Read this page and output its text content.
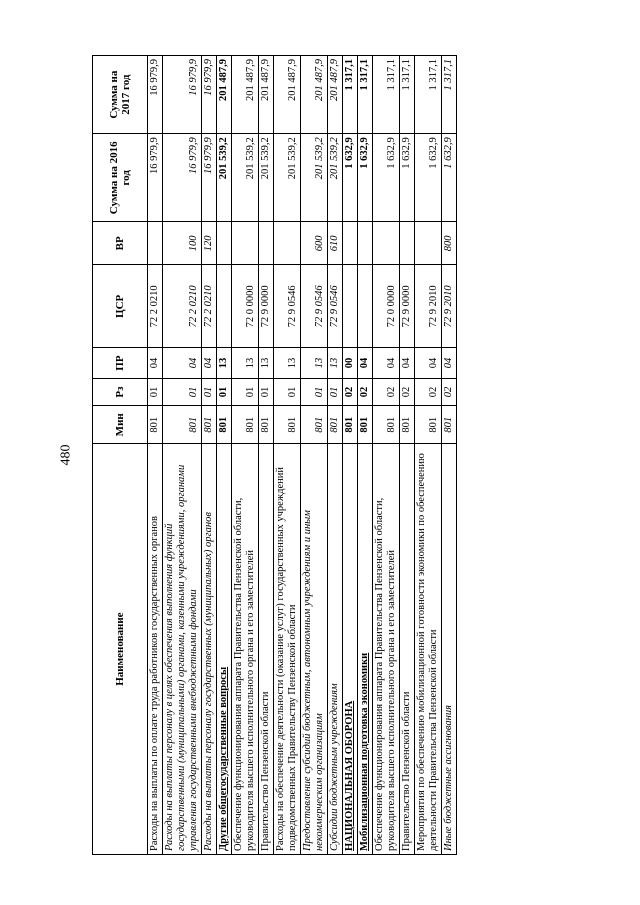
480
Наименование	Мин	Рз	ПР	ЦСР	ВР	Сумма на 2016 год	Сумма на 2017 год
Расходы на выплаты по оплате труда работников государственных органов	801	01	04	72 2 0210		16 979,9	16 979,9
Расходы на выплаты персоналу в целях обеспечения выполнения функций государственными (муниципальными) органами, казенными учреждениями, органами управления государственными внебюджетными фондами	801	01	04	72 2 0210	100	16 979,9	16 979,9
Расходы на выплаты персоналу государственных (муниципальных) органов	801	01	04	72 2 0210	120	16 979,9	16 979,9
Другие общегосударственные вопросы	801	01	13			201 539,2	201 487,9
Обеспечение функционирования аппарата Правительства Пензенской области, руководителя высшего исполнительного органа и его заместителей	801	01	13	72 0 0000		201 539,2	201 487,9
Правительство Пензенской области	801	01	13	72 9 0000		201 539,2	201 487,9
Расходы на обеспечение деятельности (оказание услуг) государственных учреждений подведомственных Правительству Пензенской области	801	01	13	72 9 0546		201 539,2	201 487,9
Предоставление субсидий бюджетным, автономным учреждениям и иным некоммерческим организациям	801	01	13	72 9 0546	600	201 539,2	201 487,9
Субсидии бюджетным учреждениям	801	01	13	72 9 0546	610	201 539,2	201 487,9
НАЦИОНАЛЬНАЯ ОБОРОНА	801	02	00			1 632,9	1 317,1
Мобилизационная подготовка экономики	801	02	04			1 632,9	1 317,1
Обеспечение функционирования аппарата Правительства Пензенской области, руководителя высшего исполнительного органа и его заместителей	801	02	04	72 0 0000		1 632,9	1 317,1
Правительство Пензенской области	801	02	04	72 9 0000		1 632,9	1 317,1
Мероприятия по обеспечению мобилизационной готовности экономики по обеспечению деятельности Правительства Пензенской области	801	02	04	72 9 2010		1 632,9	1 317,1
Иные бюджетные ассигнования	801	02	04	72 9 2010	800	1 632,9	1 317,1
